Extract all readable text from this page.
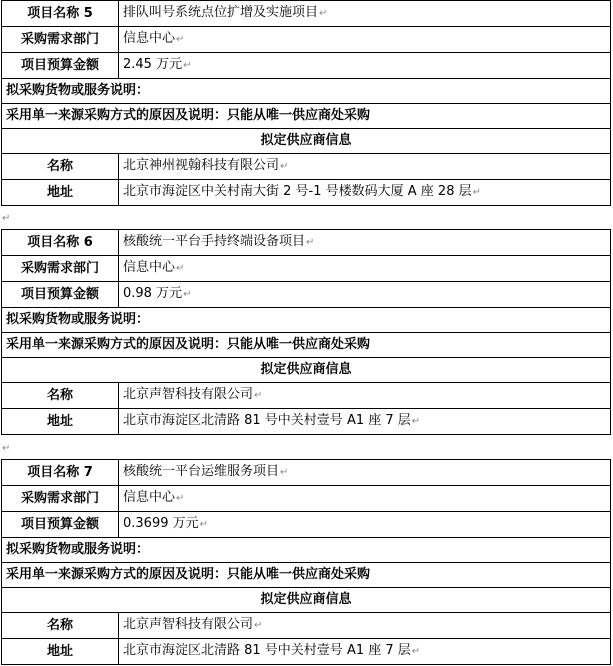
项目名称 5	排队叫号系统点位扩增及实施项目↵
采购需求部门	信息中心↵
项目预算金额	2.45 万元↵
拟采购货物或服务说明：	
采用单一来源采购方式的原因及说明：只能从唯一供应商处采购	
拟定供应商信息	
名称	北京神州视翰科技有限公司↵
地址	北京市海淀区中关村南大街 2 号-1 号楼数码大厦 A 座 28 层↵
项目名称 6	核酸统一平台手持终端设备项目↵
采购需求部门	信息中心↵
项目预算金额	0.98 万元↵
拟采购货物或服务说明：	
采用单一来源采购方式的原因及说明：只能从唯一供应商处采购	
拟定供应商信息	
名称	北京声智科技有限公司↵
地址	北京市海淀区北清路 81 号中关村壹号 A1 座 7 层↵
项目名称 7	核酸统一平台运维服务项目↵
采购需求部门	信息中心↵
项目预算金额	0.3699 万元↵
拟采购货物或服务说明：	
采用单一来源采购方式的原因及说明：只能从唯一供应商处采购	
拟定供应商信息	
名称	北京声智科技有限公司↵
地址	北京市海淀区北清路 81 号中关村壹号 A1 座 7 层↵
↵
↵
